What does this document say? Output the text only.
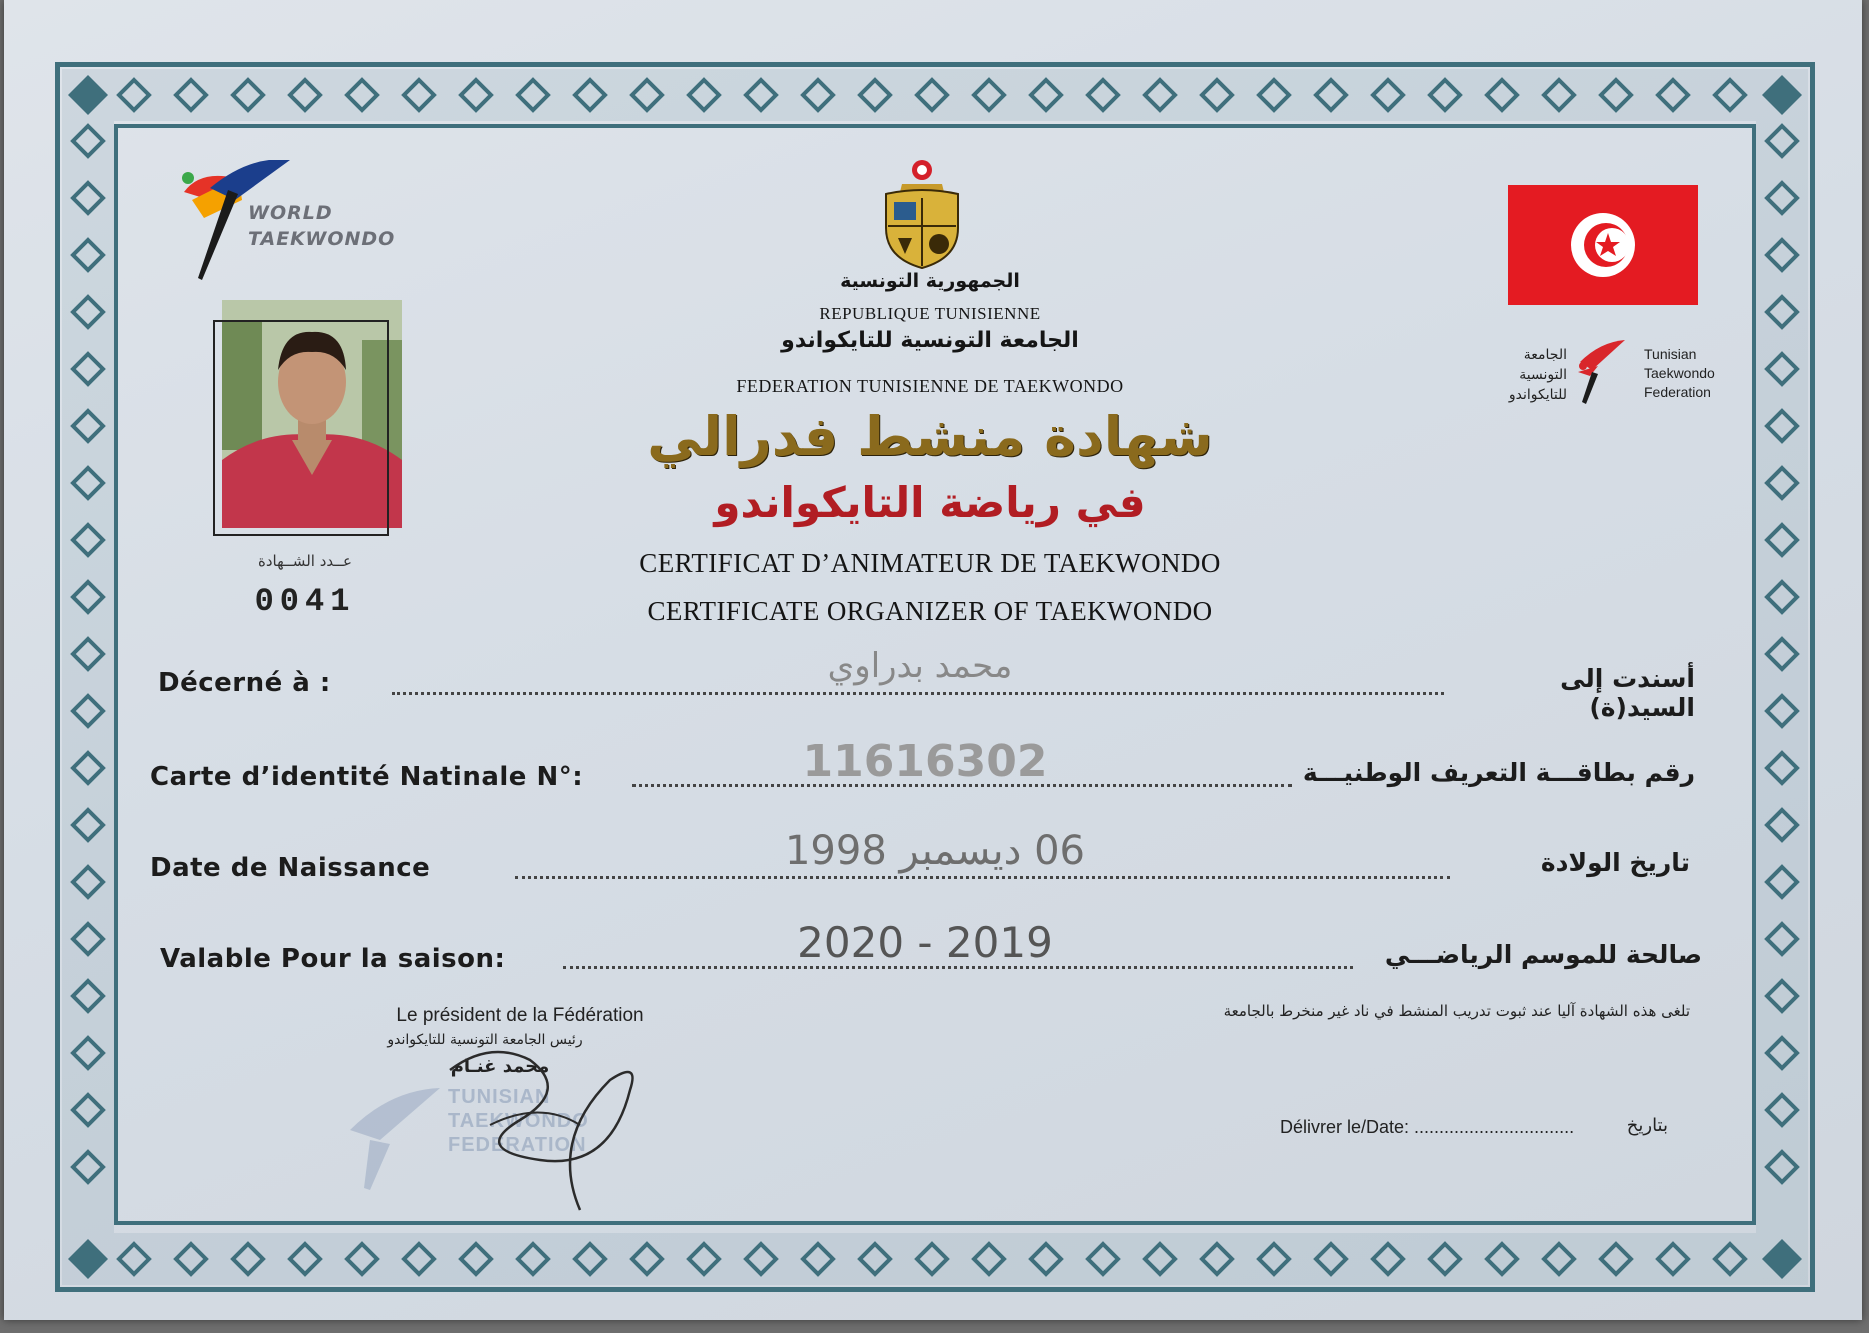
WORLD
TAEKWONDO
عــدد الشــهادة
0041
الجمهورية التونسية
REPUBLIQUE TUNISIENNE
الجامعة التونسية للتايكواندو
FEDERATION TUNISIENNE DE TAEKWONDO
شهادة منشط فدرالي
في رياضة التايكواندو
CERTIFICAT D’ANIMATEUR DE TAEKWONDO
CERTIFICATE ORGANIZER OF TAEKWONDO
الجامعة
التونسية
للتايكواندو
Tunisian
Taekwondo
Federation
Décerné à :	محمد بدراوي	أسندت إلى السيد(ة)
Carte d’identité Natinale N°:	11616302	رقم بطاقـــة التعريف الوطنيـــة
Date de Naissance	06 ديسمبر 1998	تاريخ الولادة
Valable Pour la saison:	2020 - 2019	صالحة للموسم الرياضـــي
Le président de la Fédération
رئيس الجامعة التونسية للتايكواندو
محمد غنـام
TUNISIAN
TAEKWONDO FEDERATION
تلغى هذه الشهادة آليا عند ثبوت تدريب المنشط في ناد غير منخرط بالجامعة
Délivrer le/Date: ................................	بتاريخ
